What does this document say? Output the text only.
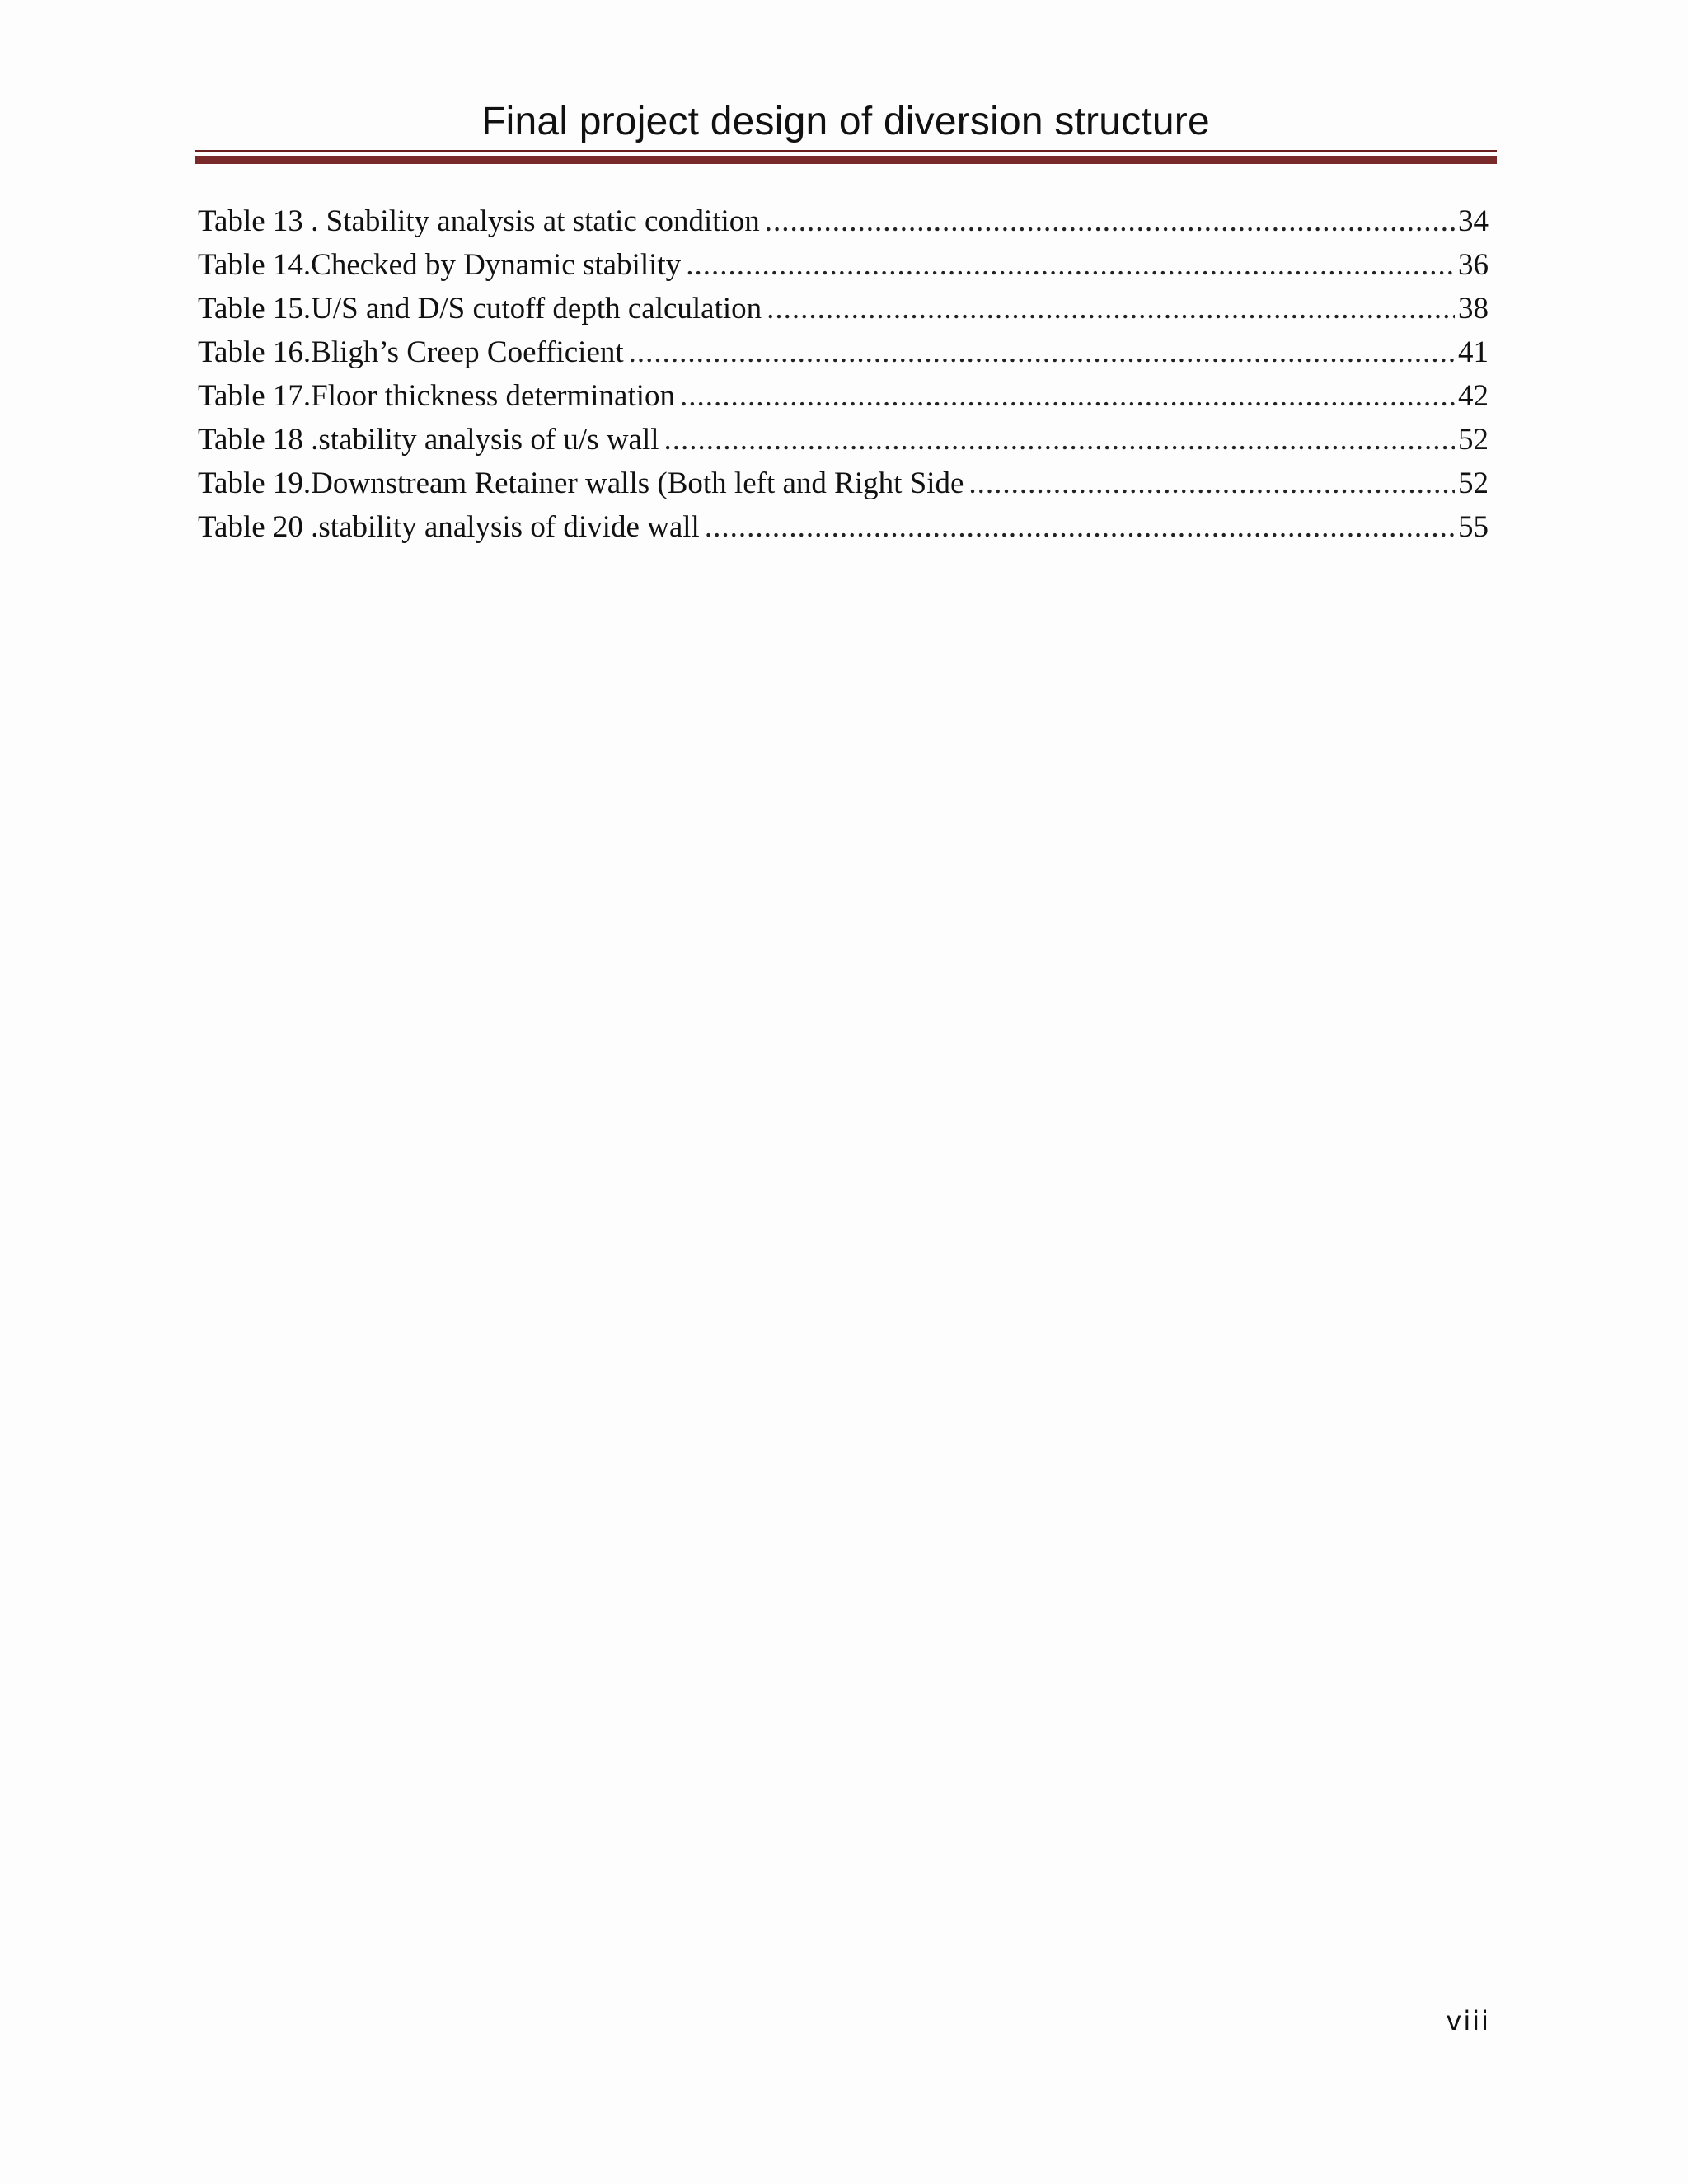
Final project design of diversion structure
Table 13 . Stability analysis at static condition .....	34
Table 14.Checked by Dynamic stability .....	36
Table 15.U/S and D/S cutoff depth calculation .....	38
Table 16.Bligh’s Creep Coefficient .....	41
Table 17.Floor thickness determination .....	42
Table 18 .stability analysis of u/s wall .....	52
Table 19.Downstream Retainer walls (Both left and Right Side .....	52
Table 20 .stability analysis of divide wall .....	55
viii
